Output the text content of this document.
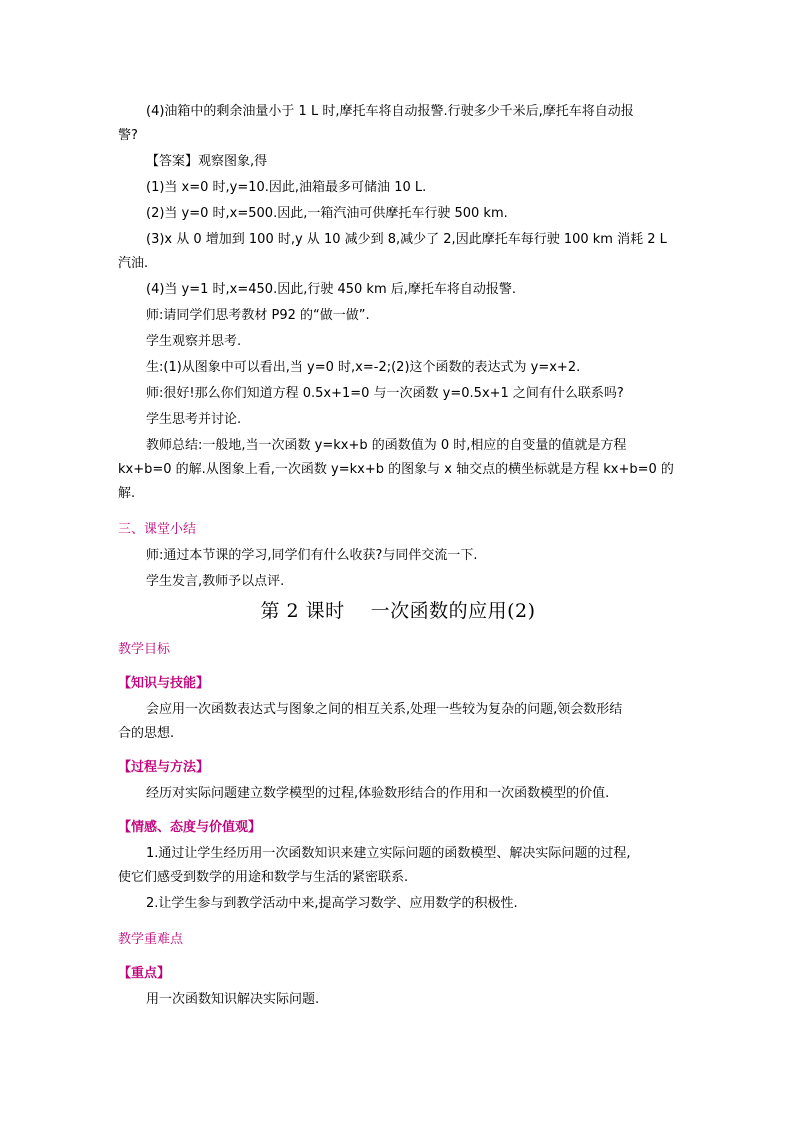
(4)油箱中的剩余油量小于 1 L 时,摩托车将自动报警.行驶多少千米后,摩托车将自动报

警?

【答案】观察图象,得

(1)当 x=0 时,y=10.因此,油箱最多可储油 10 L.

(2)当 y=0 时,x=500.因此,一箱汽油可供摩托车行驶 500 km.

(3)x 从 0 增加到 100 时,y 从 10 减少到 8,减少了 2,因此摩托车每行驶 100 km 消耗 2 L

汽油.

(4)当 y=1 时,x=450.因此,行驶 450 km 后,摩托车将自动报警.

师:请同学们思考教材 P92 的“做一做”.

学生观察并思考.

生:(1)从图象中可以看出,当 y=0 时,x=-2;(2)这个函数的表达式为 y=x+2.

师:很好!那么你们知道方程 0.5x+1=0 与一次函数 y=0.5x+1 之间有什么联系吗?

学生思考并讨论.

教师总结:一般地,当一次函数 y=kx+b 的函数值为 0 时,相应的自变量的值就是方程

kx+b=0 的解.从图象上看,一次函数 y=kx+b 的图象与 x 轴交点的横坐标就是方程 kx+b=0 的

解.

三、课堂小结

师:通过本节课的学习,同学们有什么收获?与同伴交流一下.

学生发言,教师予以点评.

第 2 课时 一次函数的应用(2)

教学目标

【知识与技能】

会应用一次函数表达式与图象之间的相互关系,处理一些较为复杂的问题,领会数形结

合的思想.

【过程与方法】

经历对实际问题建立数学模型的过程,体验数形结合的作用和一次函数模型的价值.

【情感、态度与价值观】

1.通过让学生经历用一次函数知识来建立实际问题的函数模型、解决实际问题的过程,

使它们感受到数学的用途和数学与生活的紧密联系.

2.让学生参与到教学活动中来,提高学习数学、应用数学的积极性.

教学重难点

【重点】

用一次函数知识解决实际问题.
